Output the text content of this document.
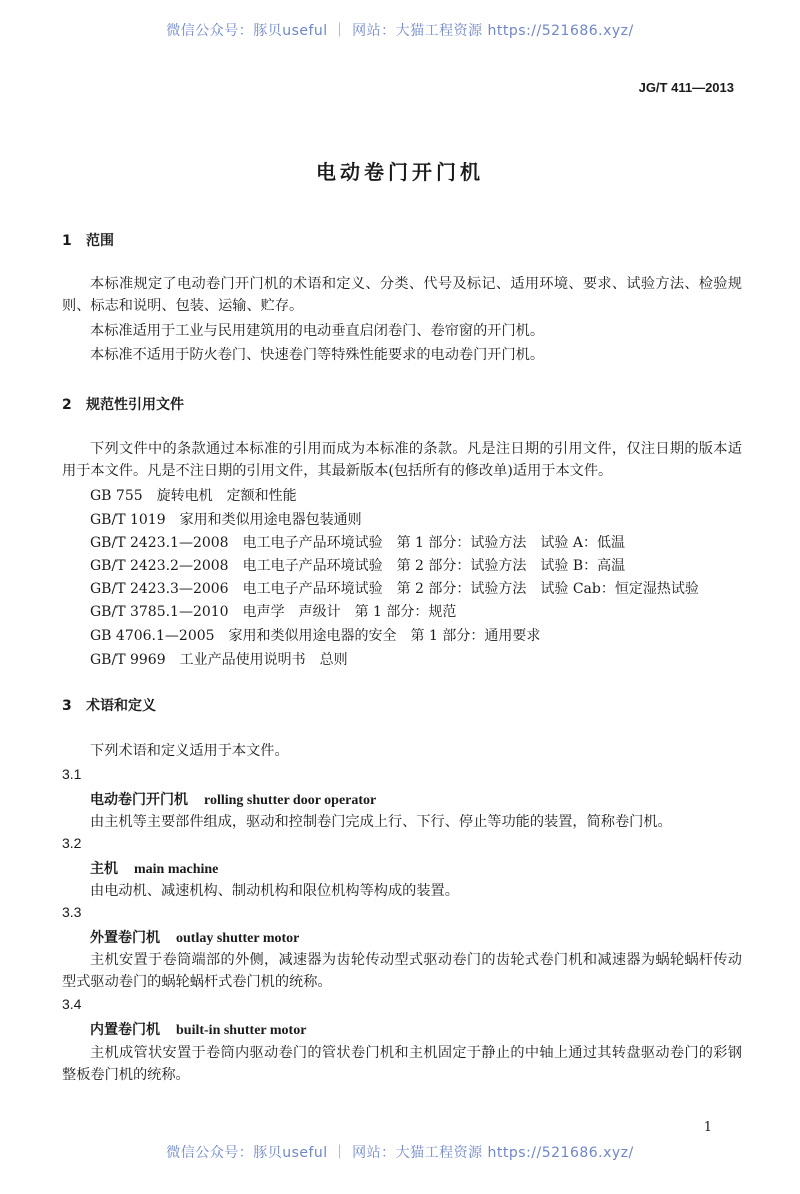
微信公众号：豚贝useful ｜ 网站：大猫工程资源 https://521686.xyz/
JG/T 411—2013
电动卷门开门机
1 范围
本标准规定了电动卷门开门机的术语和定义、分类、代号及标记、适用环境、要求、试验方法、检验规则、标志和说明、包装、运输、贮存。
本标准适用于工业与民用建筑用的电动垂直启闭卷门、卷帘窗的开门机。
本标准不适用于防火卷门、快速卷门等特殊性能要求的电动卷门开门机。
2 规范性引用文件
下列文件中的条款通过本标准的引用而成为本标准的条款。凡是注日期的引用文件，仅注日期的版本适用于本文件。凡是不注日期的引用文件，其最新版本(包括所有的修改单)适用于本文件。
GB 755　旋转电机　定额和性能
GB/T 1019　家用和类似用途电器包装通则
GB/T 2423.1—2008　电工电子产品环境试验　第 1 部分：试验方法　试验 A：低温
GB/T 2423.2—2008　电工电子产品环境试验　第 2 部分：试验方法　试验 B：高温
GB/T 2423.3—2006　电工电子产品环境试验　第 2 部分：试验方法　试验 Cab：恒定湿热试验
GB/T 3785.1—2010　电声学　声级计　第 1 部分：规范
GB 4706.1—2005　家用和类似用途电器的安全　第 1 部分：通用要求
GB/T 9969　工业产品使用说明书　总则
3 术语和定义
下列术语和定义适用于本文件。
3.1
电动卷门开门机 rolling shutter door operator
由主机等主要部件组成，驱动和控制卷门完成上行、下行、停止等功能的装置，简称卷门机。
3.2
主机 main machine
由电动机、减速机构、制动机构和限位机构等构成的装置。
3.3
外置卷门机 outlay shutter motor
主机安置于卷筒端部的外侧，减速器为齿轮传动型式驱动卷门的齿轮式卷门机和减速器为蜗轮蜗杆传动型式驱动卷门的蜗轮蜗杆式卷门机的统称。
3.4
内置卷门机 built-in shutter motor
主机成管状安置于卷筒内驱动卷门的管状卷门机和主机固定于静止的中轴上通过其转盘驱动卷门的彩钢整板卷门机的统称。
1
微信公众号：豚贝useful ｜ 网站：大猫工程资源 https://521686.xyz/
